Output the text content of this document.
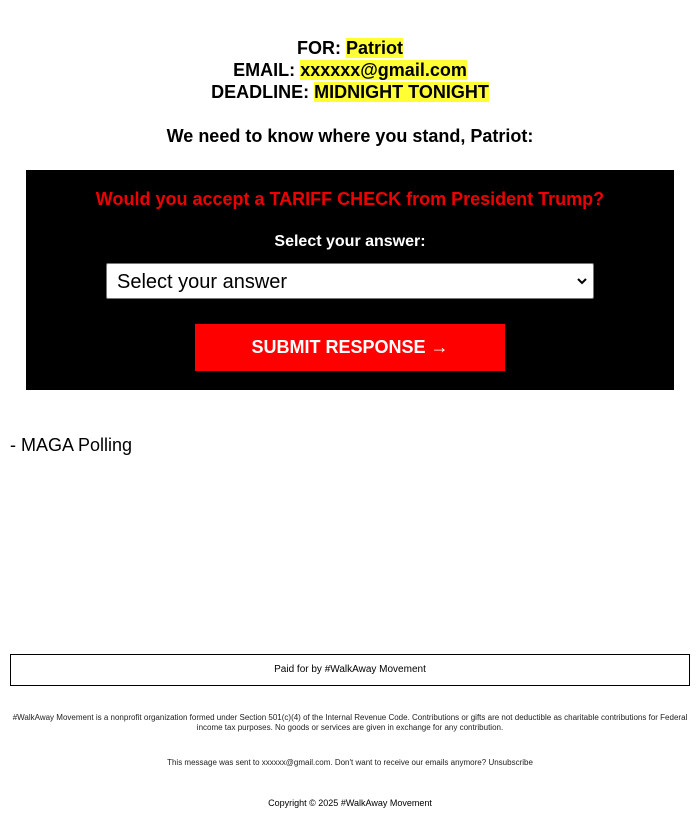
FOR: Patriot
EMAIL: xxxxxx@gmail.com
DEADLINE: MIDNIGHT TONIGHT
We need to know where you stand, Patriot:
Would you accept a TARIFF CHECK from President Trump?
Select your answer:
Select your answer
SUBMIT RESPONSE →
- MAGA Polling
Paid for by #WalkAway Movement
#WalkAway Movement is a nonprofit organization formed under Section 501(c)(4) of the Internal Revenue Code. Contributions or gifts are not deductible as charitable contributions for Federal income tax purposes. No goods or services are given in exchange for any contribution.
This message was sent to xxxxxx@gmail.com. Don't want to receive our emails anymore? Unsubscribe
Copyright © 2025 #WalkAway Movement
